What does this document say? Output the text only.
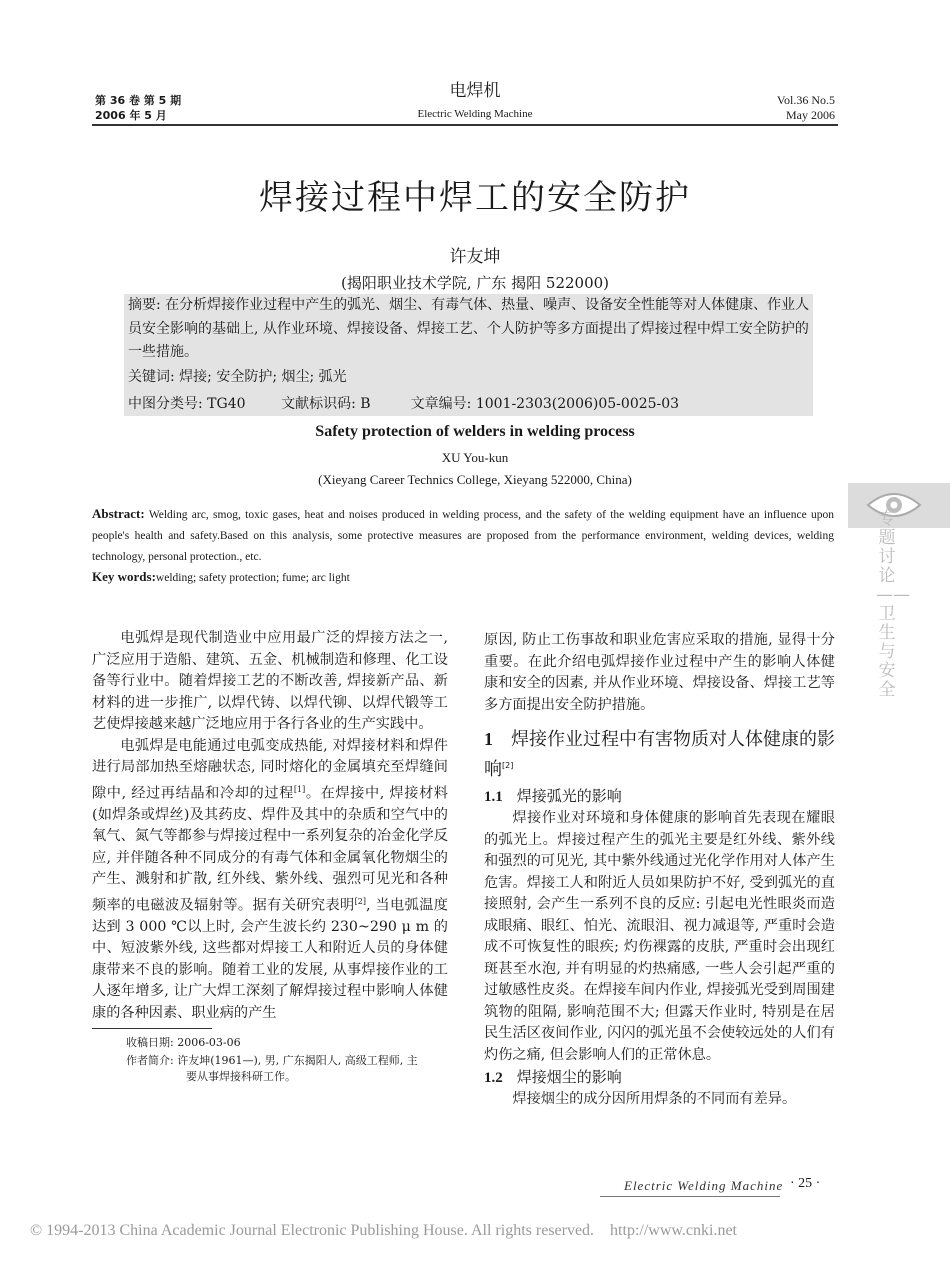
第 36 卷 第 5 期
2006 年 5 月
电焊机
Electric Welding Machine
Vol.36 No.5
May 2006
焊接过程中焊工的安全防护
许友坤
(揭阳职业技术学院, 广东 揭阳 522000)
摘要: 在分析焊接作业过程中产生的弧光、烟尘、有毒气体、热量、噪声、设备安全性能等对人体健康、作业人员安全影响的基础上, 从作业环境、焊接设备、焊接工艺、个人防护等多方面提出了焊接过程中焊工安全防护的一些措施。
关键词: 焊接; 安全防护; 烟尘; 弧光
中图分类号: TG40	文献标识码: B	文章编号: 1001-2303(2006)05-0025-03
Safety protection of welders in welding process
XU You-kun
(Xieyang Career Technics College, Xieyang 522000, China)
Abstract: Welding arc, smog, toxic gases, heat and noises produced in welding process, and the safety of the welding equipment have an influence upon people's health and safety.Based on this analysis, some protective measures are proposed from the performance environment, welding devices, welding technology, personal protection., etc.
Key words:welding; safety protection; fume; arc light
专题讨论——卫生与安全

电弧焊是现代制造业中应用最广泛的焊接方法之一, 广泛应用于造船、建筑、五金、机械制造和修理、化工设备等行业中。随着焊接工艺的不断改善, 焊接新产品、新材料的进一步推广, 以焊代铸、以焊代铆、以焊代锻等工艺使焊接越来越广泛地应用于各行各业的生产实践中。

电弧焊是电能通过电弧变成热能, 对焊接材料和焊件进行局部加热至熔融状态, 同时熔化的金属填充至焊缝间隙中, 经过再结晶和冷却的过程[1]。在焊接中, 焊接材料(如焊条或焊丝)及其药皮、焊件及其中的杂质和空气中的氧气、氮气等都参与焊接过程中一系列复杂的冶金化学反应, 并伴随各种不同成分的有毒气体和金属氧化物烟尘的产生、溅射和扩散, 红外线、紫外线、强烈可见光和各种频率的电磁波及辐射等。据有关研究表明[2], 当电弧温度达到 3 000 ℃以上时, 会产生波长约 230~290 μ m 的中、短波紫外线, 这些都对焊接工人和附近人员的身体健康带来不良的影响。随着工业的发展, 从事焊接作业的工人逐年增多, 让广大焊工深刻了解焊接过程中影响人体健康的各种因素、职业病的产生

收稿日期: 2006-03-06
作者简介: 许友坤(1961—), 男, 广东揭阳人, 高级工程师, 主
要从事焊接科研工作。

原因, 防止工伤事故和职业危害应采取的措施, 显得十分重要。在此介绍电弧焊接作业过程中产生的影响人体健康和安全的因素, 并从作业环境、焊接设备、焊接工艺等多方面提出安全防护措施。

1 焊接作业过程中有害物质对人体健康的影响[2]
1.1 焊接弧光的影响

焊接作业对环境和身体健康的影响首先表现在耀眼的弧光上。焊接过程产生的弧光主要是红外线、紫外线和强烈的可见光, 其中紫外线通过光化学作用对人体产生危害。焊接工人和附近人员如果防护不好, 受到弧光的直接照射, 会产生一系列不良的反应: 引起电光性眼炎而造成眼痛、眼红、怕光、流眼泪、视力减退等, 严重时会造成不可恢复性的眼疾; 灼伤裸露的皮肤, 严重时会出现红斑甚至水泡, 并有明显的灼热痛感, 一些人会引起严重的过敏感性皮炎。在焊接车间内作业, 焊接弧光受到周围建筑物的阻隔, 影响范围不大; 但露天作业时, 特别是在居民生活区夜间作业, 闪闪的弧光虽不会使较远处的人们有灼伤之痛, 但会影响人们的正常休息。

1.2 焊接烟尘的影响

焊接烟尘的成分因所用焊条的不同而有差异。

Electric Welding Machine · 25 ·
© 1994-2013 China Academic Journal Electronic Publishing House. All rights reserved.    http://www.cnki.net
